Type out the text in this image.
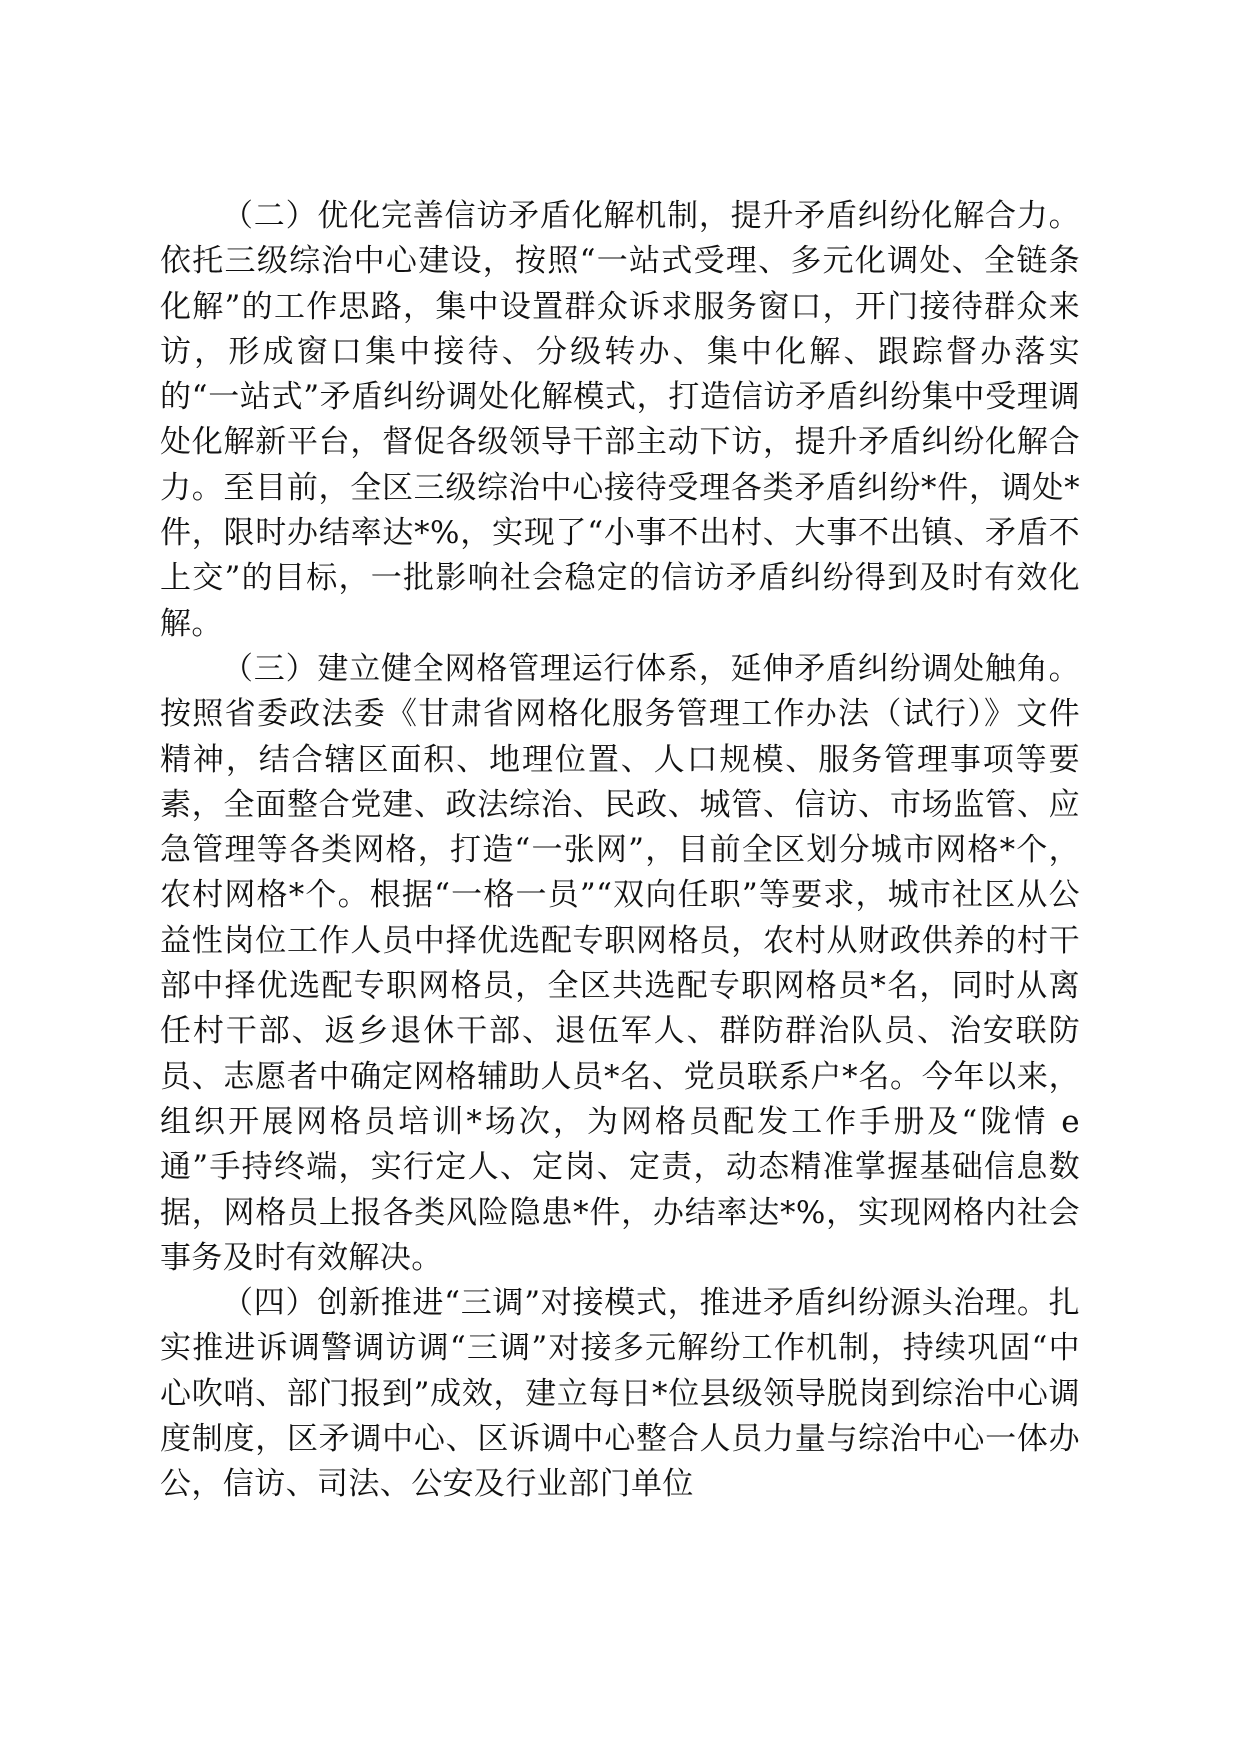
（二）优化完善信访矛盾化解机制，提升矛盾纠纷化解合力。依托三级综治中心建设，按照“一站式受理、多元化调处、全链条化解”的工作思路，集中设置群众诉求服务窗口，开门接待群众来访，形成窗口集中接待、分级转办、集中化解、跟踪督办落实的“一站式”矛盾纠纷调处化解模式，打造信访矛盾纠纷集中受理调处化解新平台，督促各级领导干部主动下访，提升矛盾纠纷化解合力。至目前，全区三级综治中心接待受理各类矛盾纠纷*件，调处*件，限时办结率达*%，实现了“小事不出村、大事不出镇、矛盾不上交”的目标，一批影响社会稳定的信访矛盾纠纷得到及时有效化解。

（三）建立健全网格管理运行体系，延伸矛盾纠纷调处触角。按照省委政法委《甘肃省网格化服务管理工作办法（试行）》文件精神，结合辖区面积、地理位置、人口规模、服务管理事项等要素，全面整合党建、政法综治、民政、城管、信访、市场监管、应急管理等各类网格，打造“一张网”，目前全区划分城市网格*个，农村网格*个。根据“一格一员”“双向任职”等要求，城市社区从公益性岗位工作人员中择优选配专职网格员，农村从财政供养的村干部中择优选配专职网格员，全区共选配专职网格员*名，同时从离任村干部、返乡退休干部、退伍军人、群防群治队员、治安联防员、志愿者中确定网格辅助人员*名、党员联系户*名。今年以来，组织开展网格员培训*场次，为网格员配发工作手册及“陇情 e 通”手持终端，实行定人、定岗、定责，动态精准掌握基础信息数据，网格员上报各类风险隐患*件，办结率达*%，实现网格内社会事务及时有效解决。

（四）创新推进“三调”对接模式，推进矛盾纠纷源头治理。扎实推进诉调警调访调“三调”对接多元解纷工作机制，持续巩固“中心吹哨、部门报到”成效，建立每日*位县级领导脱岗到综治中心调度制度，区矛调中心、区诉调中心整合人员力量与综治中心一体办公，信访、司法、公安及行业部门单位
